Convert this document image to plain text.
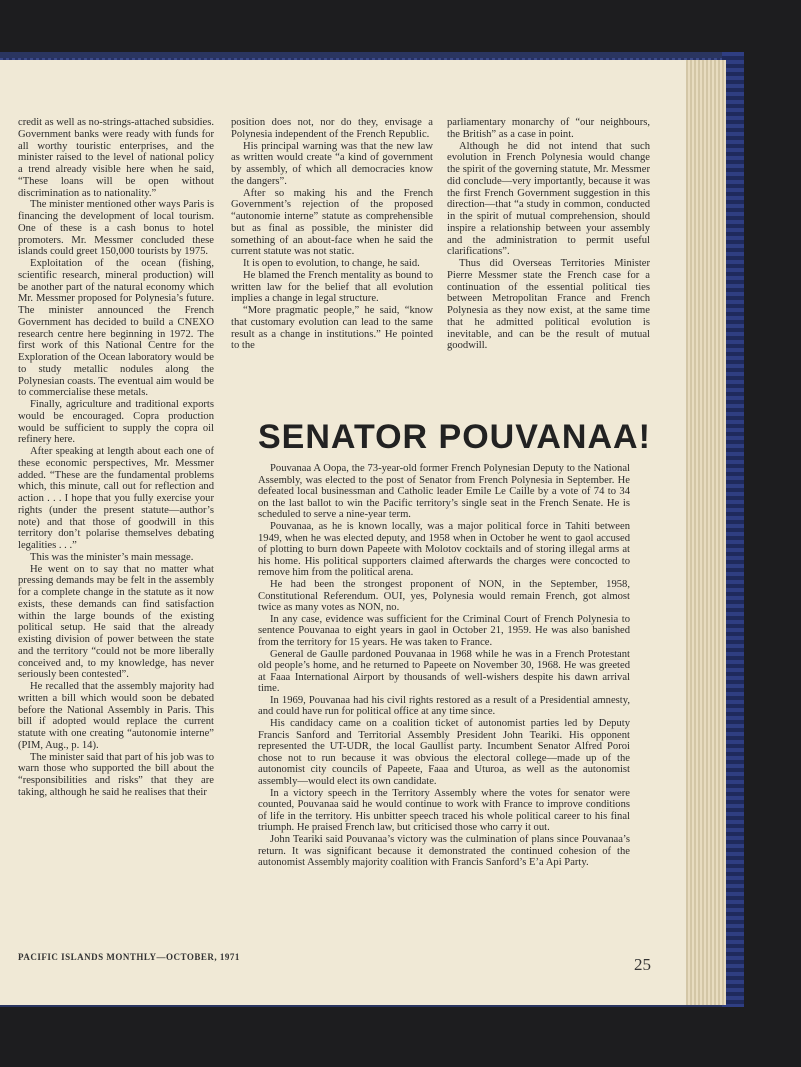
credit as well as no-strings-attached subsidies. Government banks were ready with funds for all worthy touristic enterprises, and the minister raised to the level of national policy a trend already visible here when he said, “These loans will be open without discrimination as to nationality.”

The minister mentioned other ways Paris is financing the development of local tourism. One of these is a cash bonus to hotel promoters. Mr. Messmer concluded these islands could greet 150,000 tourists by 1975.

Exploitation of the ocean (fishing, scientific research, mineral production) will be another part of the natural economy which Mr. Messmer proposed for Polynesia’s future. The minister announced the French Government has decided to build a CNEXO research centre here beginning in 1972. The first work of this National Centre for the Exploration of the Ocean laboratory would be to study metallic nodules along the Polynesian coasts. The eventual aim would be to commercialise these metals.

Finally, agriculture and traditional exports would be encouraged. Copra production would be sufficient to supply the copra oil refinery here.

After speaking at length about each one of these economic perspectives, Mr. Messmer added. “These are the fundamental problems which, this minute, call out for reflection and action . . . I hope that you fully exercise your rights (under the present statute—author’s note) and that those of goodwill in this territory don’t polarise themselves debating legalities . . .”

This was the minister’s main message.

He went on to say that no matter what pressing demands may be felt in the assembly for a complete change in the statute as it now exists, these demands can find satisfaction within the large bounds of the existing political setup. He said that the already existing division of power between the state and the territory “could not be more liberally conceived and, to my knowledge, has never seriously been contested”.

He recalled that the assembly majority had written a bill which would soon be debated before the National Assembly in Paris. This bill if adopted would replace the current statute with one creating “autonomie interne” (PIM, Aug., p. 14).

The minister said that part of his job was to warn those who supported the bill about the “responsibilities and risks” that they are taking, although he said he realises that their

position does not, nor do they, envisage a Polynesia independent of the French Republic.

His principal warning was that the new law as written would create “a kind of government by assembly, of which all democracies know the dangers”.

After so making his and the French Government’s rejection of the proposed “autonomie interne” statute as comprehensible but as final as possible, the minister did something of an about-face when he said the current statute was not static.

It is open to evolution, to change, he said.

He blamed the French mentality as bound to written law for the belief that all evolution implies a change in legal structure.

“More pragmatic people,” he said, “know that customary evolution can lead to the same result as a change in institutions.” He pointed to the

parliamentary monarchy of “our neighbours, the British” as a case in point.

Although he did not intend that such evolution in French Polynesia would change the spirit of the governing statute, Mr. Messmer did conclude—very importantly, because it was the first French Government suggestion in this direction—that “a study in common, conducted in the spirit of mutual comprehension, should inspire a relationship between your assembly and the administration to permit useful clarifications”.

Thus did Overseas Territories Minister Pierre Messmer state the French case for a continuation of the essential political ties between Metropolitan France and French Polynesia as they now exist, at the same time that he admitted political evolution is inevitable, and can be the result of mutual goodwill.

SENATOR POUVANAA!

Pouvanaa A Oopa, the 73-year-old former French Polynesian Deputy to the National Assembly, was elected to the post of Senator from French Polynesia in September. He defeated local businessman and Catholic leader Emile Le Caille by a vote of 74 to 34 on the last ballot to win the Pacific territory’s single seat in the French Senate. He is scheduled to serve a nine-year term.

Pouvanaa, as he is known locally, was a major political force in Tahiti between 1949, when he was elected deputy, and 1958 when in October he went to gaol accused of plotting to burn down Papeete with Molotov cocktails and of storing illegal arms at his home. His political supporters claimed afterwards the charges were concocted to remove him from the political arena.

He had been the strongest proponent of NON, in the September, 1958, Constitutional Referendum. OUI, yes, Polynesia would remain French, got almost twice as many votes as NON, no.

In any case, evidence was sufficient for the Criminal Court of French Polynesia to sentence Pouvanaa to eight years in gaol in October 21, 1959. He was also banished from the territory for 15 years. He was taken to France.

General de Gaulle pardoned Pouvanaa in 1968 while he was in a French Protestant old people’s home, and he returned to Papeete on November 30, 1968. He was greeted at Faaa International Airport by thousands of well-wishers despite his dawn arrival time.

In 1969, Pouvanaa had his civil rights restored as a result of a Presidential amnesty, and could have run for political office at any time since.

His candidacy came on a coalition ticket of autonomist parties led by Deputy Francis Sanford and Territorial Assembly President John Teariki. His opponent represented the UT-UDR, the local Gaullist party. Incumbent Senator Alfred Poroi chose not to run because it was obvious the electoral college—made up of the autonomist city councils of Papeete, Faaa and Uturoa, as well as the autonomist assembly—would elect its own candidate.

In a victory speech in the Territory Assembly where the votes for senator were counted, Pouvanaa said he would continue to work with France to improve conditions of life in the territory. His unbitter speech traced his whole political career to his final triumph. He praised French law, but criticised those who carry it out.

John Teariki said Pouvanaa’s victory was the culmination of plans since Pouvanaa’s return. It was significant because it demonstrated the continued cohesion of the autonomist Assembly majority coalition with Francis Sanford’s E’a Api Party.

PACIFIC ISLANDS MONTHLY—OCTOBER, 1971	25
